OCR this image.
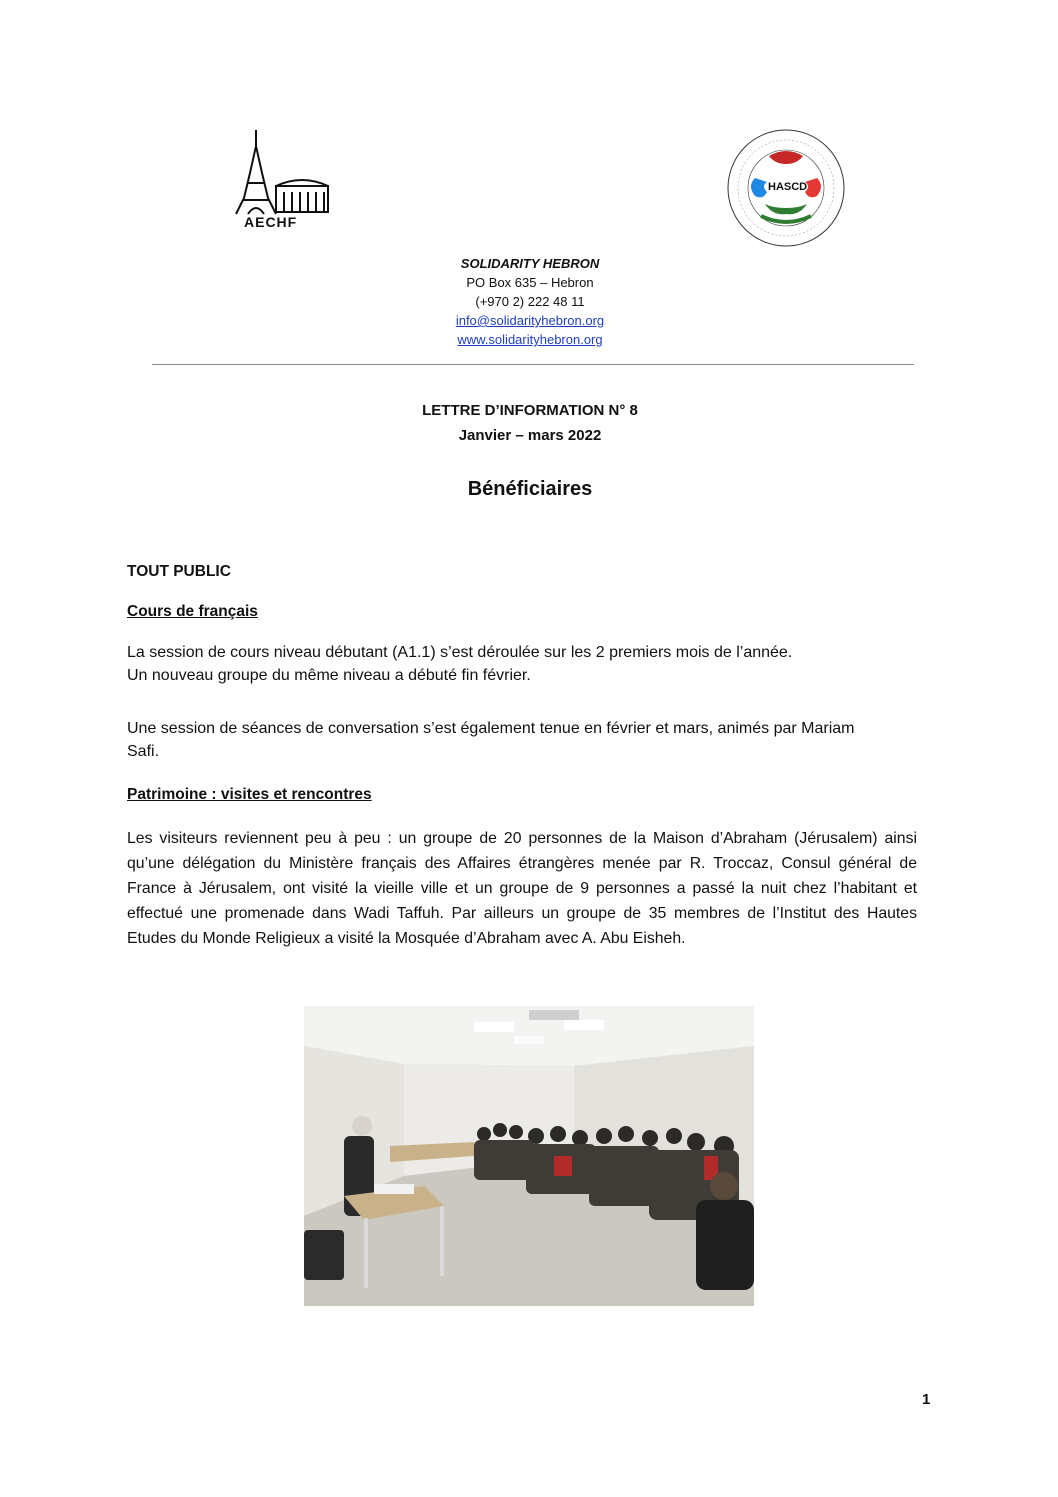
AECHF
HASCD
SOLIDARITY HEBRON
PO Box 635 – Hebron
(+970 2) 222 48 11
info@solidarityhebron.org
www.solidarityhebron.org
LETTRE D’INFORMATION N° 8
Janvier – mars 2022
Bénéficiaires
TOUT PUBLIC
Cours de français
La session de cours niveau débutant (A1.1) s’est déroulée sur les 2 premiers mois de l’année.
Un nouveau groupe du même niveau a débuté fin février.
Une session de séances de conversation s’est également tenue en février et mars, animés par Mariam Safi.
Patrimoine : visites et rencontres
Les visiteurs reviennent peu à peu : un groupe de 20 personnes de la Maison d’Abraham (Jérusalem) ainsi qu’une délégation du Ministère français des Affaires étrangères menée par R. Troccaz, Consul général de France à Jérusalem, ont visité la vieille ville et un groupe de 9 personnes a passé la nuit chez l’habitant et effectué une promenade dans Wadi Taffuh. Par ailleurs un groupe de 35 membres de l’Institut des Hautes Etudes du Monde Religieux a visité la Mosquée d’Abraham avec A. Abu Eisheh.
1
